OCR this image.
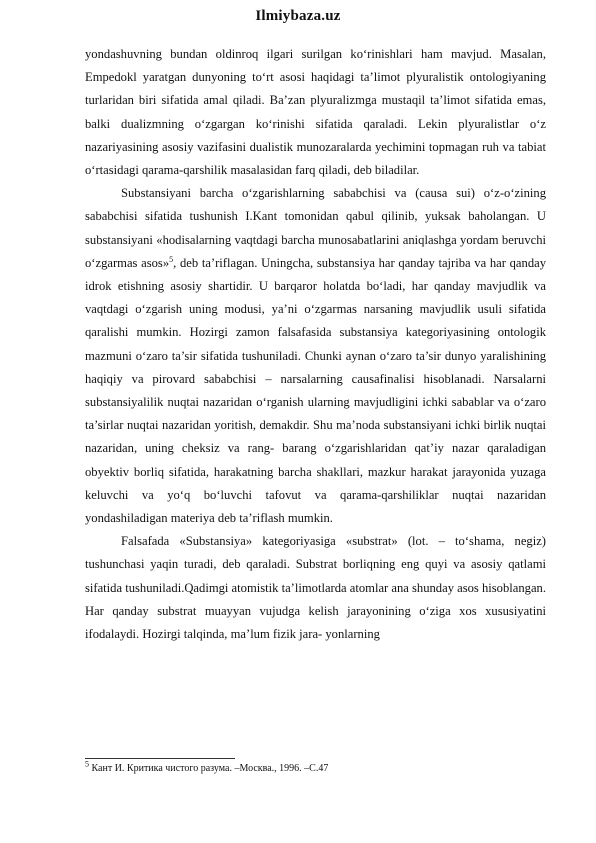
Ilmiybaza.uz

yondashuvning bundan oldinroq ilgari surilgan ko‘rinishlari ham mavjud. Masalan, Empedokl yaratgan dunyoning to‘rt asosi haqidagi ta’limot plyuralistik ontologiyaning turlaridan biri sifatida amal qiladi. Ba’zan plyuralizmga mustaqil ta’limot sifatida emas, balki dualizmning o‘zgargan ko‘rinishi sifatida qaraladi. Lekin plyuralistlar o‘z nazariyasining asosiy vazifasini dualistik munozaralarda yechimini topmagan ruh va tabiat o‘rtasidagi qarama-qarshilik masalasidan farq qiladi, deb biladilar.

Substansiyani barcha o‘zgarishlarning sababchisi va (causa sui) o‘z-o‘zining sababchisi sifatida tushunish I.Kant tomonidan qabul qilinib, yuksak baholangan. U substansiyani «hodisalarning vaqtdagi barcha munosabatlarini aniqlashga yordam beruvchi o‘zgarmas asos»$^5$, deb ta’riflagan. Uningcha, substansiya har qanday tajriba va har qanday idrok etishning asosiy shartidir. U barqaror holatda bo‘ladi, har qanday mavjudlik va vaqtdagi o‘zgarish uning modusi, ya’ni o‘zgarmas narsaning mavjudlik usuli sifatida qaralishi mumkin. Hozirgi zamon falsafasida substansiya kategoriyasining ontologik mazmuni o‘zaro ta’sir sifatida tushuniladi. Chunki aynan o‘zaro ta’sir dunyo yaralishining haqiqiy va pirovard sababchisi – narsalarning causafinalisi hisoblanadi. Narsalarni substansiyalilik nuqtai nazaridan o‘rganish ularning mavjudligini ichki sabablar va o‘zaro ta’sirlar nuqtai nazaridan yoritish, demakdir. Shu ma’noda substansiyani ichki birlik nuqtai nazaridan, uning cheksiz va rang- barang o‘zgarishlaridan qat’iy nazar qaraladigan obyektiv borliq sifatida, harakatning barcha shakllari, mazkur harakat jarayonida yuzaga keluvchi va yo‘q bo‘luvchi tafovut va qarama-qarshiliklar nuqtai nazaridan yondashiladigan materiya deb ta’riflash mumkin.

Falsafada «Substansiya» kategoriyasiga «substrat» (lot. – to‘shama, negiz) tushunchasi yaqin turadi, deb qaraladi. Substrat borliqning eng quyi va asosiy qatlami sifatida tushuniladi.Qadimgi atomistik ta’limotlarda atomlar ana shunday asos hisoblangan. Har qanday substrat muayyan vujudga kelish jarayonining o‘ziga xos xususiyatini ifodalaydi. Hozirgi talqinda, ma’lum fizik jara- yonlarning

$^5$ Кант И. Критика чистого разума. –Москва., 1996. –С.47
